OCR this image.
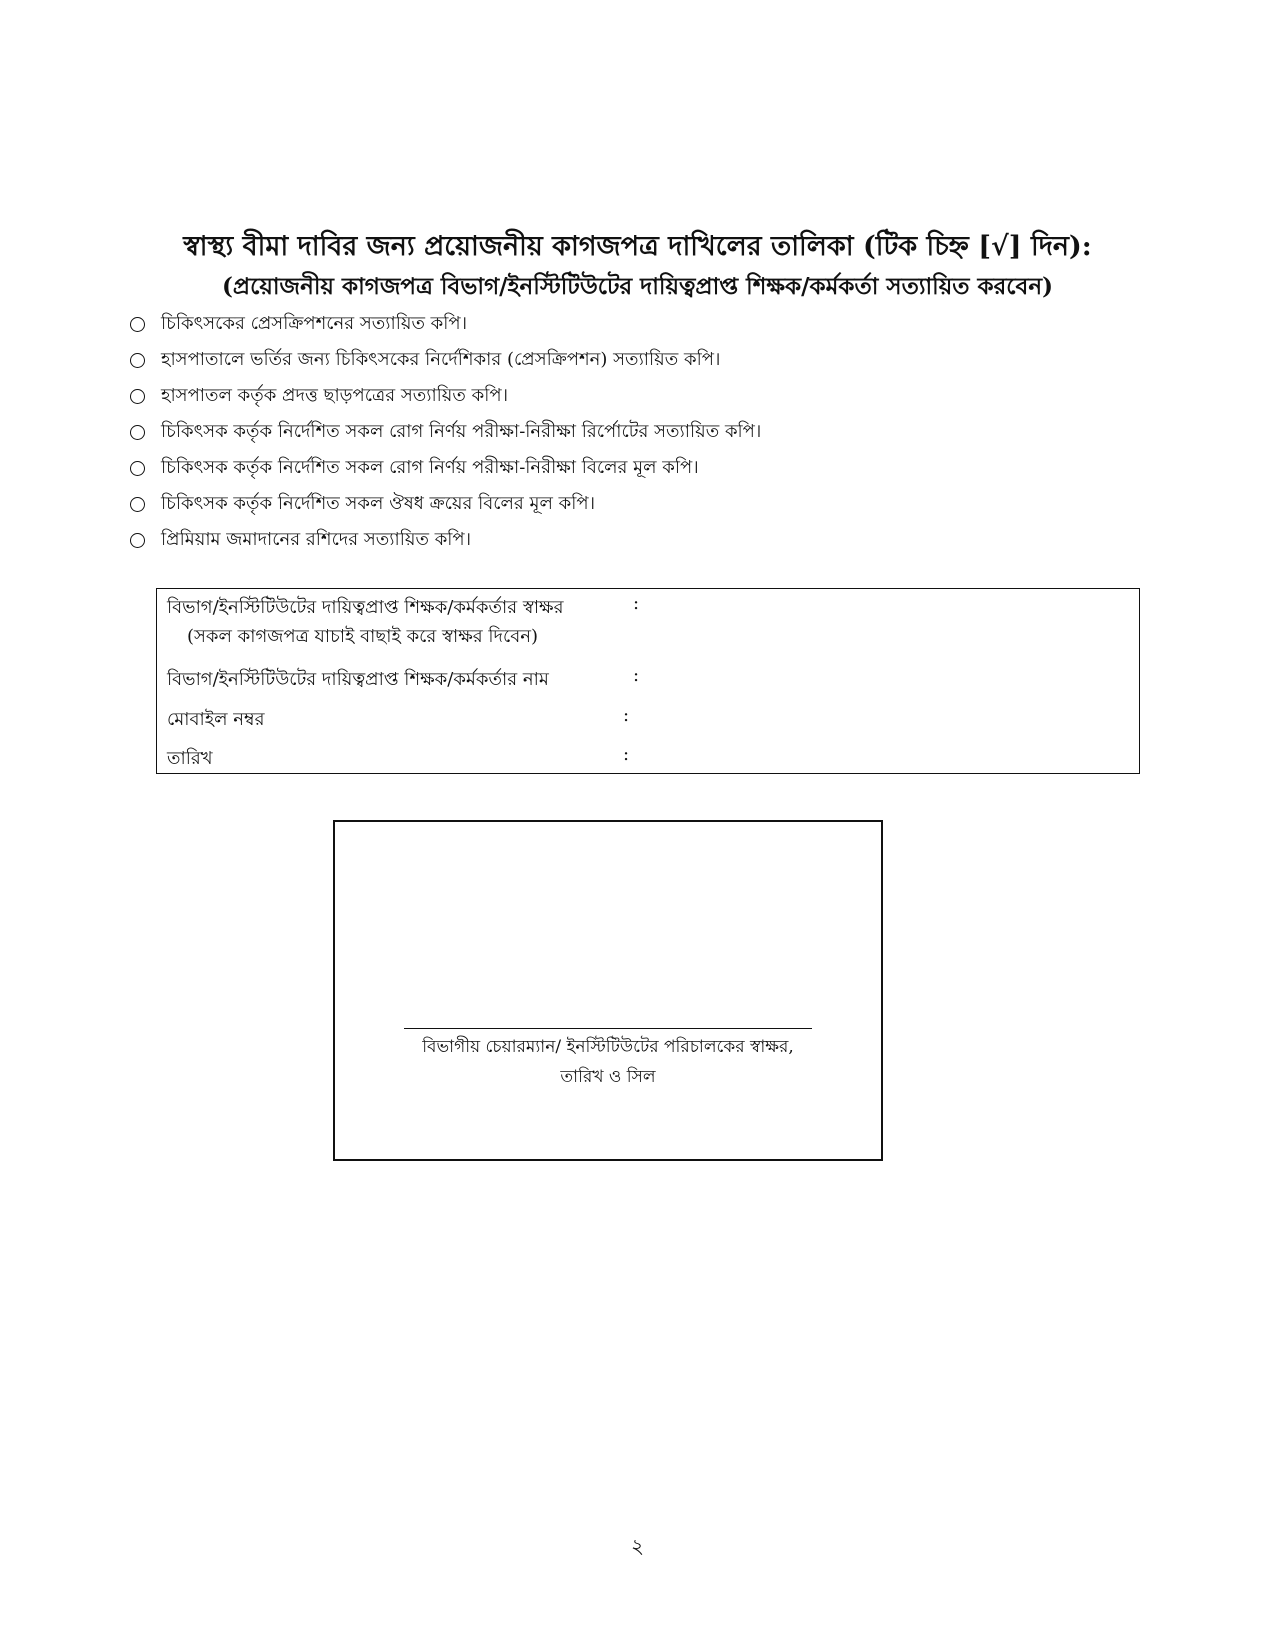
স্বাস্থ্য বীমা দাবির জন্য প্রয়োজনীয় কাগজপত্র দাখিলের তালিকা (টিক চিহ্ন [√] দিন):
(প্রয়োজনীয় কাগজপত্র বিভাগ/ইনস্টিটিউটের দায়িত্বপ্রাপ্ত শিক্ষক/কর্মকর্তা সত্যায়িত করবেন)
চিকিৎসকের প্রেসক্রিপশনের সত্যায়িত কপি।
হাসপাতালে ভর্তির জন্য চিকিৎসকের নির্দেশিকার (প্রেসক্রিপশন) সত্যায়িত কপি।
হাসপাতল কর্তৃক প্রদত্ত ছাড়পত্রের সত্যায়িত কপি।
চিকিৎসক কর্তৃক নির্দেশিত সকল রোগ নির্ণয় পরীক্ষা-নিরীক্ষা রির্পোটের সত্যায়িত কপি।
চিকিৎসক কর্তৃক নির্দেশিত সকল রোগ নির্ণয় পরীক্ষা-নিরীক্ষা বিলের মূল কপি।
চিকিৎসক কর্তৃক নির্দেশিত সকল ঔষধ ক্রয়ের বিলের মূল কপি।
প্রিমিয়াম জমাদানের রশিদের সত্যায়িত কপি।
বিভাগ/ইনস্টিটিউটের দায়িত্বপ্রাপ্ত শিক্ষক/কর্মকর্তার স্বাক্ষর	:
(সকল কাগজপত্র যাচাই বাছাই করে স্বাক্ষর দিবেন)
বিভাগ/ইনস্টিটিউটের দায়িত্বপ্রাপ্ত শিক্ষক/কর্মকর্তার নাম	:
মোবাইল নম্বর	:
তারিখ	:
বিভাগীয় চেয়ারম্যান/ ইনস্টিটিউটের পরিচালকের স্বাক্ষর,
তারিখ ও সিল
২
